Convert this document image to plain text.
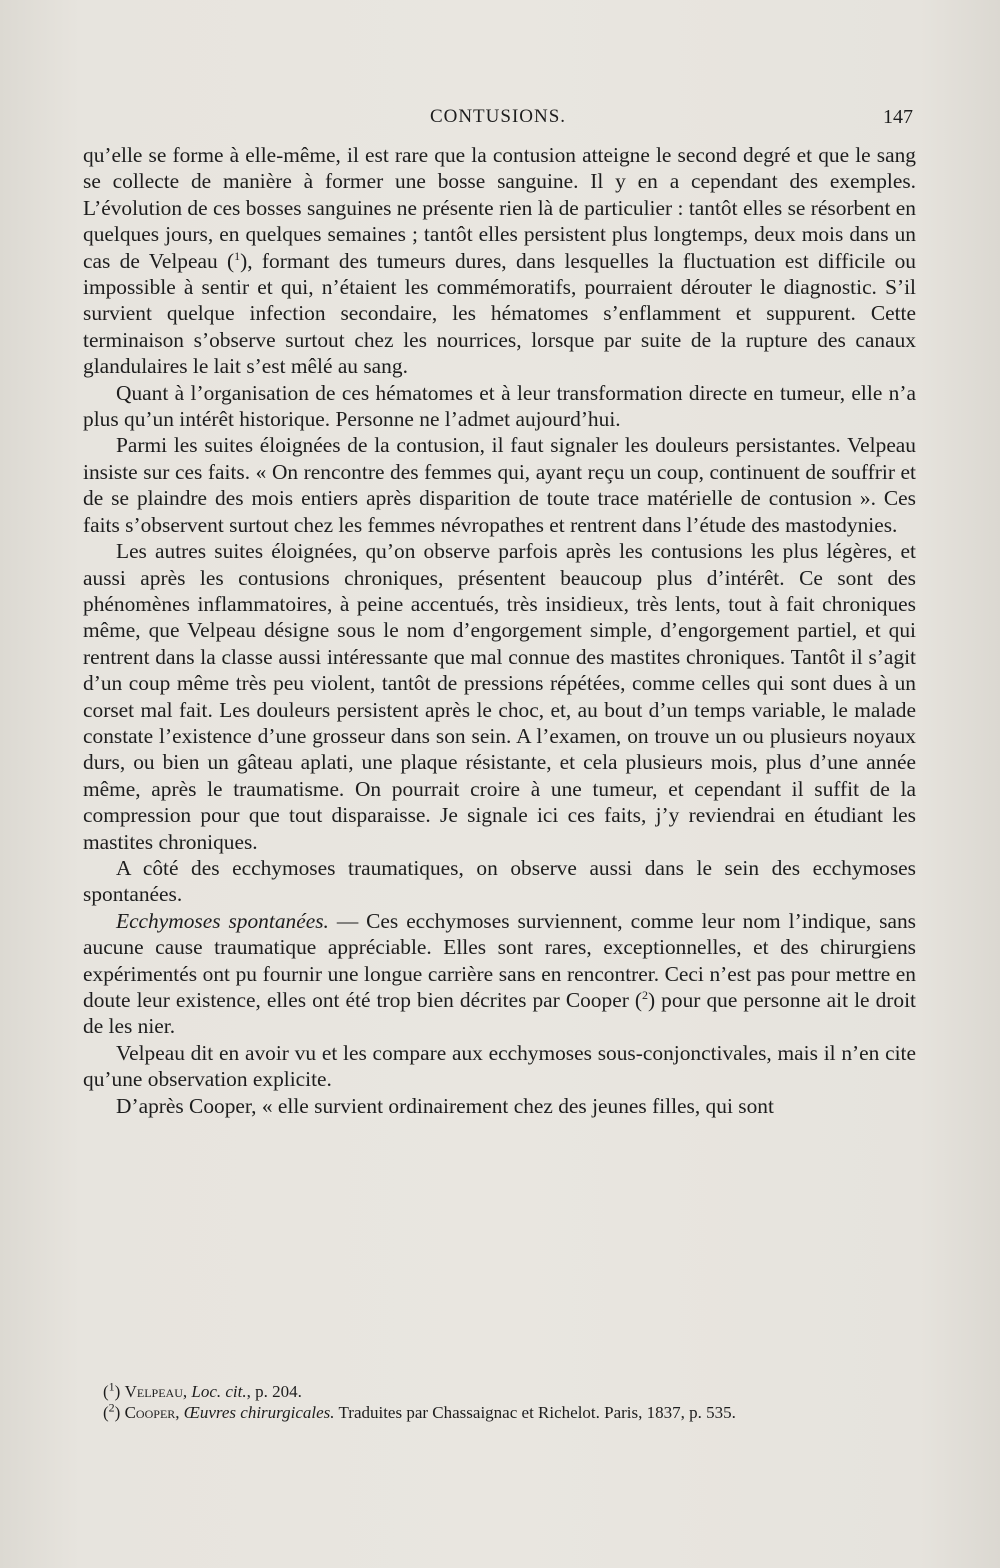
CONTUSIONS.	147

qu’elle se forme à elle-même, il est rare que la contusion atteigne le second degré et que le sang se collecte de manière à former une bosse sanguine. Il y en a cependant des exemples. L’évolution de ces bosses sanguines ne présente rien là de particulier : tantôt elles se résorbent en quelques jours, en quelques semaines ; tantôt elles persistent plus longtemps, deux mois dans un cas de Velpeau ($^1$), formant des tumeurs dures, dans lesquelles la fluctuation est difficile ou impossible à sentir et qui, n’étaient les commémoratifs, pourraient dérouter le diagnostic. S’il survient quelque infection secondaire, les hématomes s’enflamment et suppurent. Cette terminaison s’observe surtout chez les nourrices, lorsque par suite de la rupture des canaux glandulaires le lait s’est mêlé au sang.

Quant à l’organisation de ces hématomes et à leur transformation directe en tumeur, elle n’a plus qu’un intérêt historique. Personne ne l’admet aujourd’hui.

Parmi les suites éloignées de la contusion, il faut signaler les douleurs persistantes. Velpeau insiste sur ces faits. « On rencontre des femmes qui, ayant reçu un coup, continuent de souffrir et de se plaindre des mois entiers après disparition de toute trace matérielle de contusion ». Ces faits s’observent surtout chez les femmes névropathes et rentrent dans l’étude des mastodynies.

Les autres suites éloignées, qu’on observe parfois après les contusions les plus légères, et aussi après les contusions chroniques, présentent beaucoup plus d’intérêt. Ce sont des phénomènes inflammatoires, à peine accentués, très insidieux, très lents, tout à fait chroniques même, que Velpeau désigne sous le nom d’engorgement simple, d’engorgement partiel, et qui rentrent dans la classe aussi intéressante que mal connue des mastites chroniques. Tantôt il s’agit d’un coup même très peu violent, tantôt de pressions répétées, comme celles qui sont dues à un corset mal fait. Les douleurs persistent après le choc, et, au bout d’un temps variable, le malade constate l’existence d’une grosseur dans son sein. A l’examen, on trouve un ou plusieurs noyaux durs, ou bien un gâteau aplati, une plaque résistante, et cela plusieurs mois, plus d’une année même, après le traumatisme. On pourrait croire à une tumeur, et cependant il suffit de la compression pour que tout disparaisse. Je signale ici ces faits, j’y reviendrai en étudiant les mastites chroniques.

A côté des ecchymoses traumatiques, on observe aussi dans le sein des ecchymoses spontanées.

Ecchymoses spontanées. — Ces ecchymoses surviennent, comme leur nom l’indique, sans aucune cause traumatique appréciable. Elles sont rares, exceptionnelles, et des chirurgiens expérimentés ont pu fournir une longue carrière sans en rencontrer. Ceci n’est pas pour mettre en doute leur existence, elles ont été trop bien décrites par Cooper ($^2$) pour que personne ait le droit de les nier.

Velpeau dit en avoir vu et les compare aux ecchymoses sous-conjonctivales, mais il n’en cite qu’une observation explicite.

D’après Cooper, « elle survient ordinairement chez des jeunes filles, qui sont

($^1$) Velpeau, Loc. cit., p. 204.

($^2$) Cooper, Œuvres chirurgicales. Traduites par Chassaignac et Richelot. Paris, 1837, p. 535.
